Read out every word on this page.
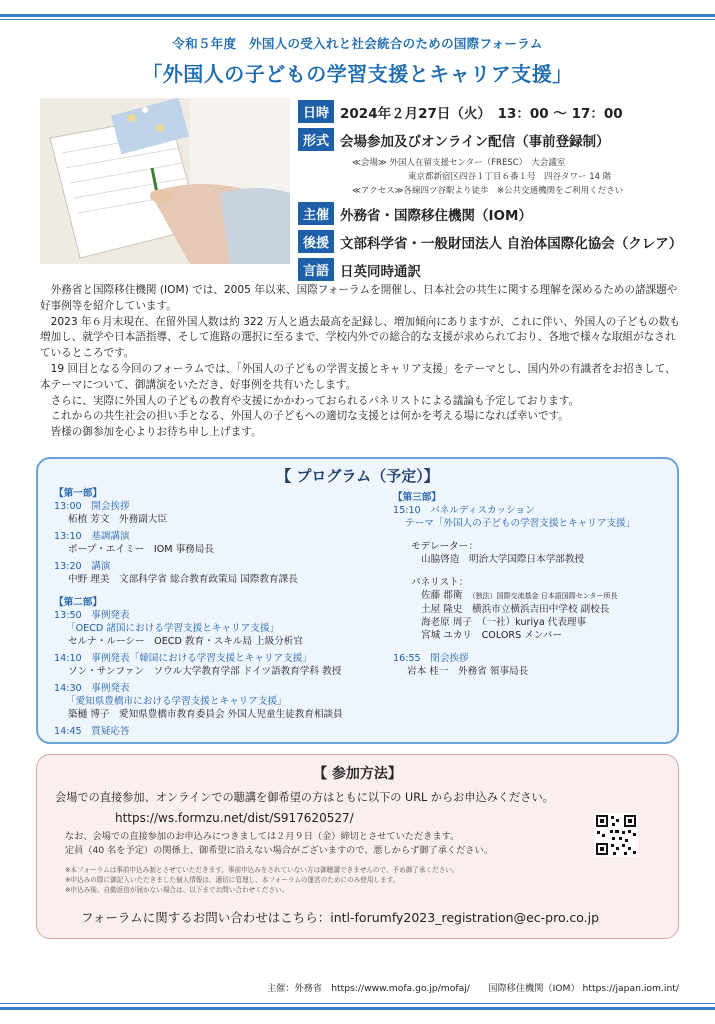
令和５年度　外国人の受入れと社会統合のための国際フォーラム
「外国人の子どもの学習支援とキャリア支援」
日時 2024年２月27日（火）　13：00 〜 17：00
形式 会場参加及びオンライン配信（事前登録制）
≪会場≫ 外国人在留支援センター（FRESC）　大会議室
東京都新宿区四谷１丁目６番１号　四谷タワー 14 階
≪アクセス≫各線四ツ谷駅より徒歩　※公共交通機関をご利用ください
主催 外務省・国際移住機関（IOM）
後援 文部科学省・一般財団法人 自治体国際化協会（クレア）
言語 日英同時通訳

外務省と国際移住機関 (IOM) では、2005 年以来、国際フォーラムを開催し、日本社会の共生に関する理解を深めるための諸課題や好事例等を紹介しています。

2023 年６月末現在、在留外国人数は約 322 万人と過去最高を記録し、増加傾向にありますが、これに伴い、外国人の子どもの数も増加し、就学や日本語指導、そして進路の選択に至るまで、学校内外での総合的な支援が求められており、各地で様々な取組がなされているところです。

19 回目となる今回のフォーラムでは、「外国人の子どもの学習支援とキャリア支援」をテーマとし、国内外の有識者をお招きして、本テーマについて、御講演をいただき、好事例を共有いたします。

さらに、実際に外国人の子どもの教育や支援にかかわっておられるパネリストによる議論も予定しております。

これからの共生社会の担い手となる、外国人の子どもへの適切な支援とは何かを考える場になれば幸いです。

皆様の御参加を心よりお待ち申し上げます。

【 プログラム（予定）】
【第一部】
13:00　開会挨拶
柘植 芳文　外務副大臣
13:10　基調講演
ポープ・エイミー　IOM 事務局長
13:20　講演
中野 理美　文部科学省 総合教育政策局 国際教育課長
【第二部】
13:50　事例発表
「OECD 諸国における学習支援とキャリア支援」
セルナ・ルーシー　OECD 教育・スキル局 上級分析官
14:10　事例発表「韓国における学習支援とキャリア支援」
ソン・サンファン　ソウル大学教育学部 ドイツ語教育学科 教授
14:30　事例発表
「愛知県豊橋市における学習支援とキャリア支援」
築樋 博子　愛知県豊橋市教育委員会 外国人児童生徒教育相談員
14:45　質疑応答
【第三部】
15:10　パネルディスカッション
テーマ「外国人の子どもの学習支援とキャリア支援」
モデレーター：
山脇啓造　明治大学国際日本学部教授
パネリスト：
佐藤 郡衛　 （独法）国際交流基金 日本語国際センター所長
土屋 隆史　横浜市立横浜吉田中学校 副校長
海老原 周子　（一社）kuriya 代表理事
宮城 ユカリ　COLORS メンバー
16:55　閉会挨拶
岩本 桂一　外務省 領事局長
【 参加方法】
会場での直接参加、オンラインでの聴講を御希望の方はともに以下の URL からお申込みください。
https://ws.formzu.net/dist/S917620527/
なお、会場での直接参加のお申込みにつきましては２月９日（金）締切とさせていただきます。
定員（40 名を予定）の関係上、御希望に沿えない場合がございますので、悪しからず御了承ください。
※本フォーラムは事前申込み制とさせていただきます。事前申込みをされていない方は御聴講できませんので、予め御了承ください。
※申込みの際に御記入いただきました個人情報は、適切に管理し、本フォーラムの運営のためにのみ使用します。
※申込み後、自動返信が届かない場合は、以下までお問い合わせください。
フォーラムに関するお問い合わせはこちら：intl-forumfy2023_registration@ec-pro.co.jp
主催：外務省　https://www.mofa.go.jp/mofaj/　　国際移住機関（IOM） https://japan.iom.int/
